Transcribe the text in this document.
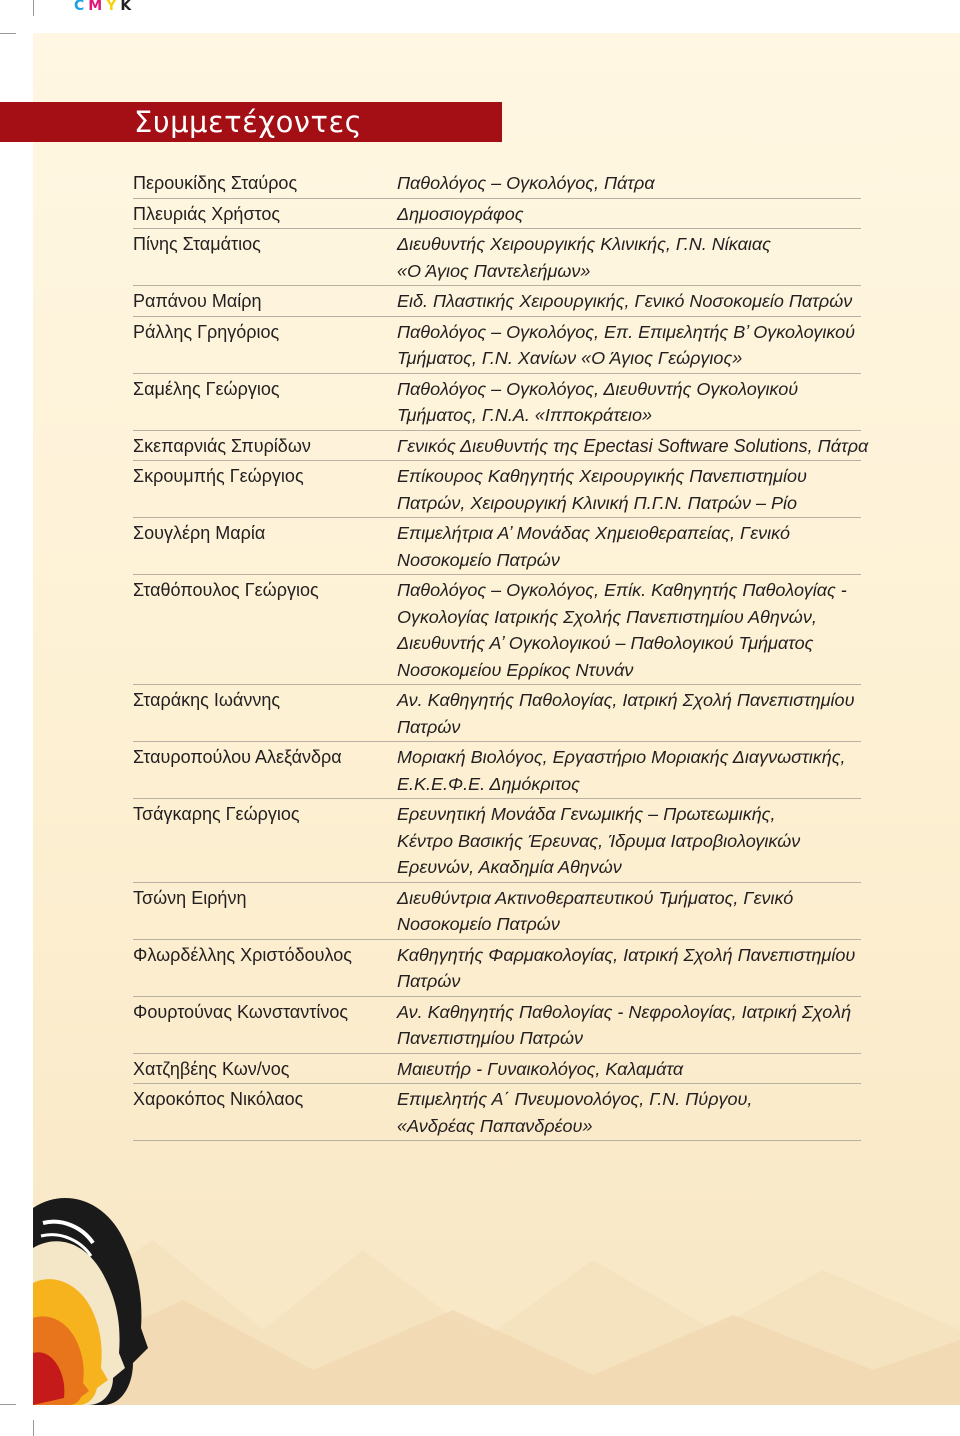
CMYK
Συμμετέχοντες
Περουκίδης Σταύρος	Παθολόγος – Ογκολόγος, Πάτρα
Πλευριάς Χρήστος	Δημοσιογράφος
Πίνης Σταμάτιος	Διευθυντής Χειρουργικής Κλινικής, Γ.Ν. Νίκαιας
«Ο Άγιος Παντελεήμων»
Ραπάνου Μαίρη	Ειδ. Πλαστικής Χειρουργικής, Γενικό Νοσοκομείο Πατρών
Ράλλης Γρηγόριος	Παθολόγος – Ογκολόγος, Επ. Επιμελητής Β’ Ογκολογικού
Τμήματος, Γ.Ν. Χανίων «Ο Άγιος Γεώργιος»
Σαμέλης Γεώργιος	Παθολόγος – Ογκολόγος, Διευθυντής Ογκολογικού
Τμήματος, Γ.Ν.Α. «Ιπποκράτειο»
Σκεπαρνιάς Σπυρίδων	Γενικός Διευθυντής της Epectasi Software Solutions, Πάτρα
Σκρουμπής Γεώργιος	Επίκουρος Καθηγητής Χειρουργικής Πανεπιστημίου
Πατρών, Χειρουργική Κλινική Π.Γ.Ν. Πατρών – Ρίο
Σουγλέρη Μαρία	Επιμελήτρια Α’ Μονάδας Χημειοθεραπείας, Γενικό
Νοσοκομείο Πατρών
Σταθόπουλος Γεώργιος	Παθολόγος – Ογκολόγος, Επίκ. Καθηγητής Παθολογίας -
Ογκολογίας Ιατρικής Σχολής Πανεπιστημίου Αθηνών,
Διευθυντής Α’ Ογκολογικού – Παθολογικού Τμήματος
Νοσοκομείου Ερρίκος Ντυνάν
Σταράκης Ιωάννης	Αν. Καθηγητής Παθολογίας, Ιατρική Σχολή Πανεπιστημίου
Πατρών
Σταυροπούλου Αλεξάνδρα	Μοριακή Βιολόγος, Εργαστήριο Μοριακής Διαγνωστικής,
Ε.Κ.Ε.Φ.Ε. Δημόκριτος
Τσάγκαρης Γεώργιος	Ερευνητική Μονάδα Γενωμικής – Πρωτεωμικής,
Κέντρο Βασικής Έρευνας, Ίδρυμα Ιατροβιολογικών
Ερευνών, Ακαδημία Αθηνών
Τσώνη Ειρήνη	Διευθύντρια Ακτινοθεραπευτικού Τμήματος, Γενικό
Νοσοκομείο Πατρών
Φλωρδέλλης Χριστόδουλος	Καθηγητής Φαρμακολογίας, Ιατρική Σχολή Πανεπιστημίου
Πατρών
Φουρτούνας Κωνσταντίνος	Αν. Καθηγητής Παθολογίας - Νεφρολογίας, Ιατρική Σχολή
Πανεπιστημίου Πατρών
Χατζηβέης Κων/νος	Μαιευτήρ - Γυναικολόγος, Καλαμάτα
Χαροκόπος Νικόλαος	Επιμελητής Α΄ Πνευμονολόγος, Γ.Ν. Πύργου,
«Ανδρέας Παπανδρέου»
